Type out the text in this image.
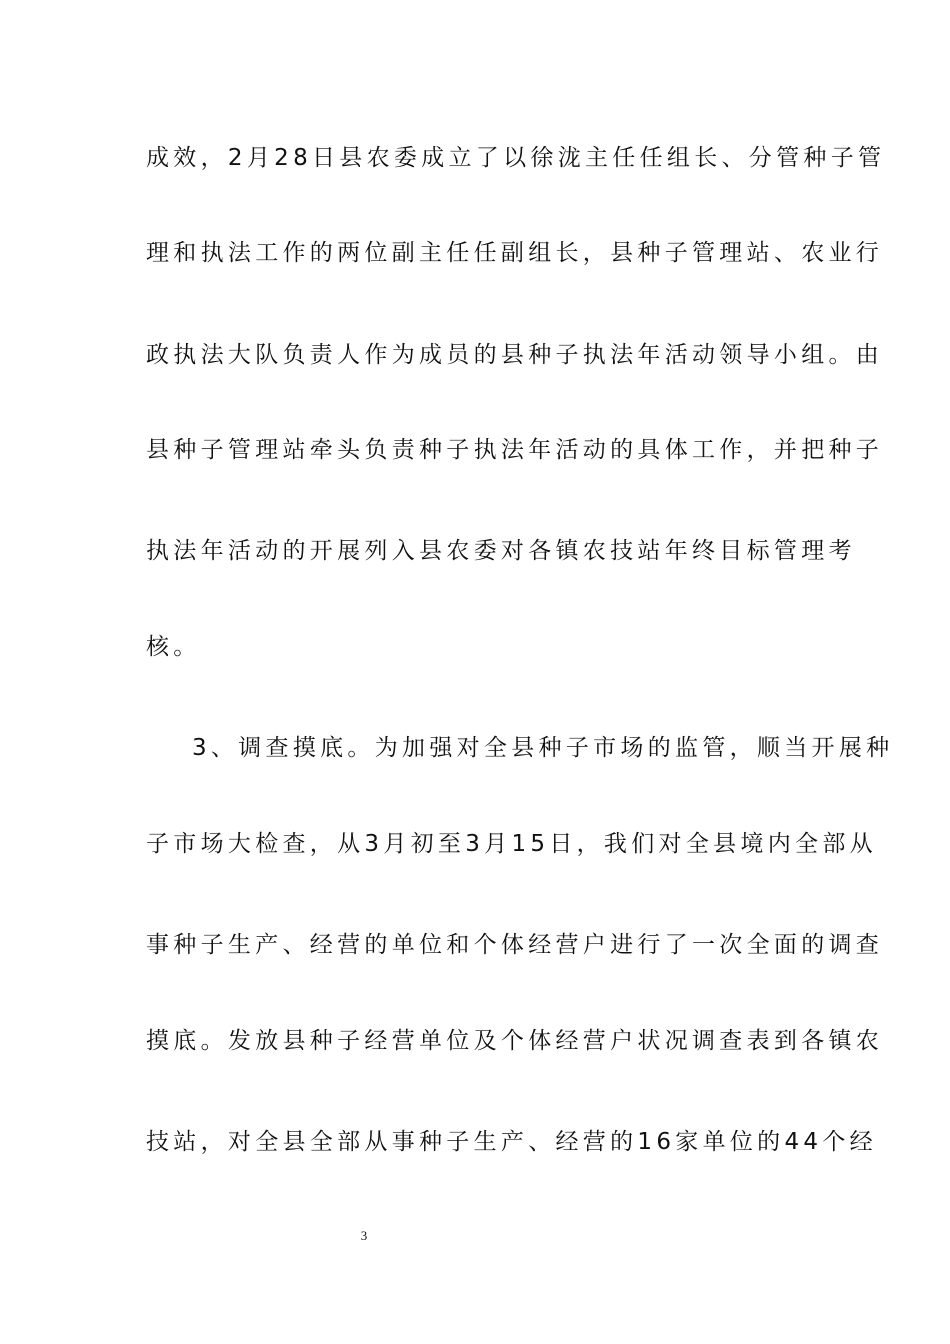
成效，2月28日县农委成立了以徐泷主任任组长、分管种子管
理和执法工作的两位副主任任副组长，县种子管理站、农业行
政执法大队负责人作为成员的县种子执法年活动领导小组。由
县种子管理站牵头负责种子执法年活动的具体工作，并把种子
执法年活动的开展列入县农委对各镇农技站年终目标管理考
核。
3、调查摸底。为加强对全县种子市场的监管，顺当开展种
子市场大检查，从3月初至3月15日，我们对全县境内全部从
事种子生产、经营的单位和个体经营户进行了一次全面的调查
摸底。发放县种子经营单位及个体经营户状况调查表到各镇农
技站，对全县全部从事种子生产、经营的16家单位的44个经
3
